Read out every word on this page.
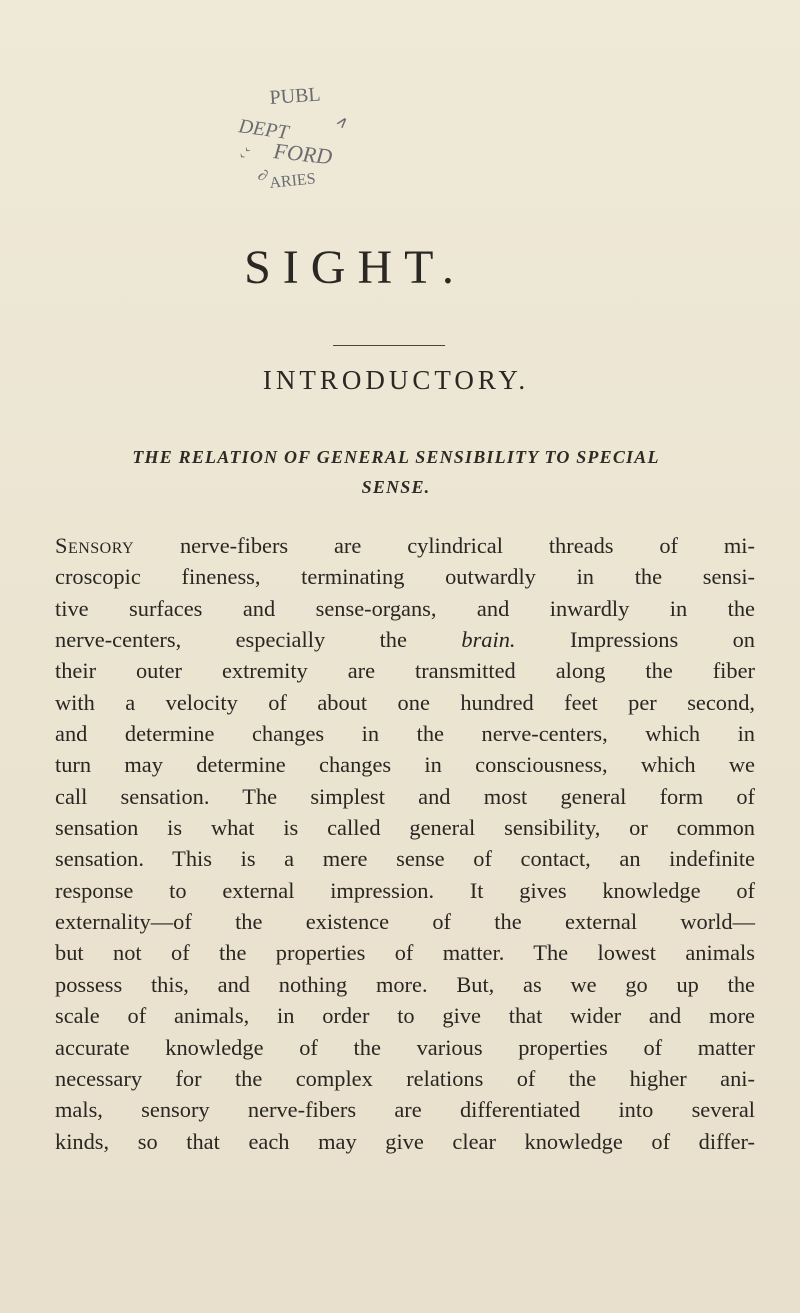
PUBL
∧
DEPT
FORD
‹ ‹
ARIES
∂
SIGHT.
INTRODUCTORY.
THE RELATION OF GENERAL SENSIBILITY TO SPECIAL
SENSE.
Sensory nerve-fibers are cylindrical threads of mi-
croscopic fineness, terminating outwardly in the sensi-
tive surfaces and sense-organs, and inwardly in the
nerve-centers, especially the brain. Impressions on
their outer extremity are transmitted along the fiber
with a velocity of about one hundred feet per second,
and determine changes in the nerve-centers, which in
turn may determine changes in consciousness, which we
call sensation. The simplest and most general form of
sensation is what is called general sensibility, or common
sensation. This is a mere sense of contact, an indefinite
response to external impression. It gives knowledge of
externality—of the existence of the external world—
but not of the properties of matter. The lowest animals
possess this, and nothing more. But, as we go up the
scale of animals, in order to give that wider and more
accurate knowledge of the various properties of matter
necessary for the complex relations of the higher ani-
mals, sensory nerve-fibers are differentiated into several
kinds, so that each may give clear knowledge of differ-
